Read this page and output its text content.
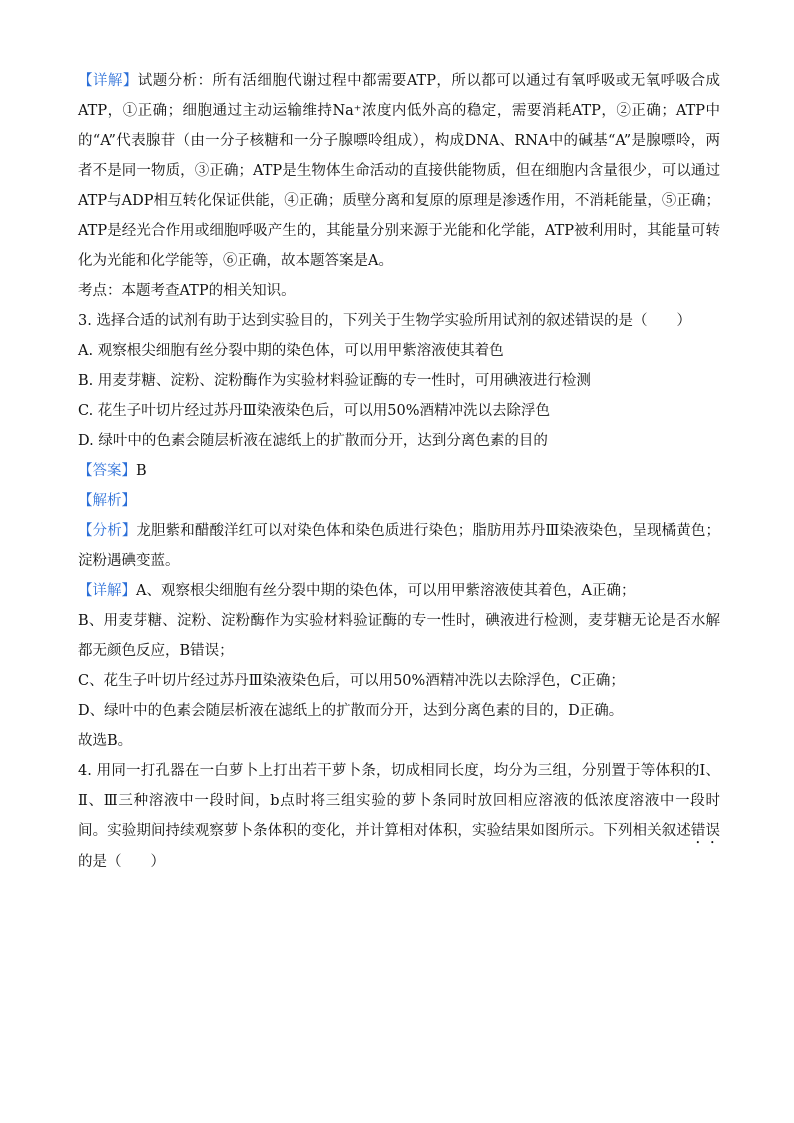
【详解】试题分析：所有活细胞代谢过程中都需要ATP，所以都可以通过有氧呼吸或无氧呼吸合成ATP，①正确；细胞通过主动运输维持Na⁺浓度内低外高的稳定，需要消耗ATP，②正确；ATP中的“A”代表腺苷（由一分子核糖和一分子腺嘌呤组成），构成DNA、RNA中的碱基“A”是腺嘌呤，两者不是同一物质，③正确；ATP是生物体生命活动的直接供能物质，但在细胞内含量很少，可以通过ATP与ADP相互转化保证供能，④正确；质壁分离和复原的原理是渗透作用，不消耗能量，⑤正确；ATP是经光合作用或细胞呼吸产生的，其能量分别来源于光能和化学能，ATP被利用时，其能量可转化为光能和化学能等，⑥正确，故本题答案是A。

考点：本题考查ATP的相关知识。

3. 选择合适的试剂有助于达到实验目的，下列关于生物学实验所用试剂的叙述错误的是（　　）

A. 观察根尖细胞有丝分裂中期的染色体，可以用甲紫溶液使其着色

B. 用麦芽糖、淀粉、淀粉酶作为实验材料验证酶的专一性时，可用碘液进行检测

C. 花生子叶切片经过苏丹Ⅲ染液染色后，可以用50%酒精冲洗以去除浮色

D. 绿叶中的色素会随层析液在滤纸上的扩散而分开，达到分离色素的目的

【答案】B

【解析】

【分析】龙胆紫和醋酸洋红可以对染色体和染色质进行染色；脂肪用苏丹Ⅲ染液染色，呈现橘黄色；淀粉遇碘变蓝。

【详解】A、观察根尖细胞有丝分裂中期的染色体，可以用甲紫溶液使其着色，A正确；

B、用麦芽糖、淀粉、淀粉酶作为实验材料验证酶的专一性时，碘液进行检测，麦芽糖无论是否水解都无颜色反应，B错误；

C、花生子叶切片经过苏丹Ⅲ染液染色后，可以用50%酒精冲洗以去除浮色，C正确；

D、绿叶中的色素会随层析液在滤纸上的扩散而分开，达到分离色素的目的，D正确。

故选B。

4. 用同一打孔器在一白萝卜上打出若干萝卜条，切成相同长度，均分为三组，分别置于等体积的Ⅰ、Ⅱ、Ⅲ三种溶液中一段时间，b点时将三组实验的萝卜条同时放回相应溶液的低浓度溶液中一段时间。实验期间持续观察萝卜条体积的变化，并计算相对体积，实验结果如图所示。下列相关叙述错误的是（　　）
